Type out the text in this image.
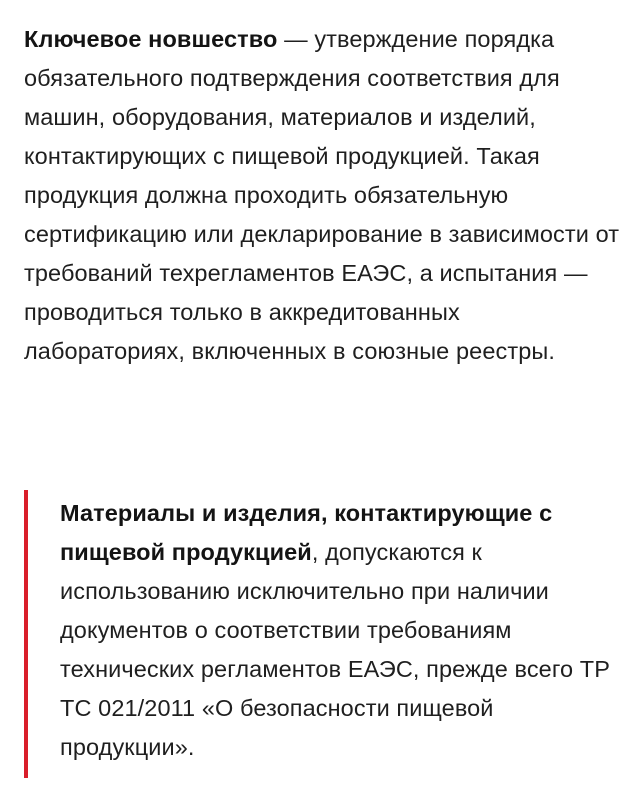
Ключевое новшество — утверждение порядка обязательного подтверждения соответствия для машин, оборудования, материалов и изделий, контактирующих с пищевой продукцией. Такая продукция должна проходить обязательную сертификацию или декларирование в зависимости от требований техрегламентов ЕАЭС, а испытания — проводиться только в аккредитованных лабораториях, включенных в союзные реестры.

Материалы и изделия, контактирующие с пищевой продукцией, допускаются к использованию исключительно при наличии документов о соответствии требованиям технических регламентов ЕАЭС, прежде всего ТР ТС 021/2011 «О безопасности пищевой продукции».
